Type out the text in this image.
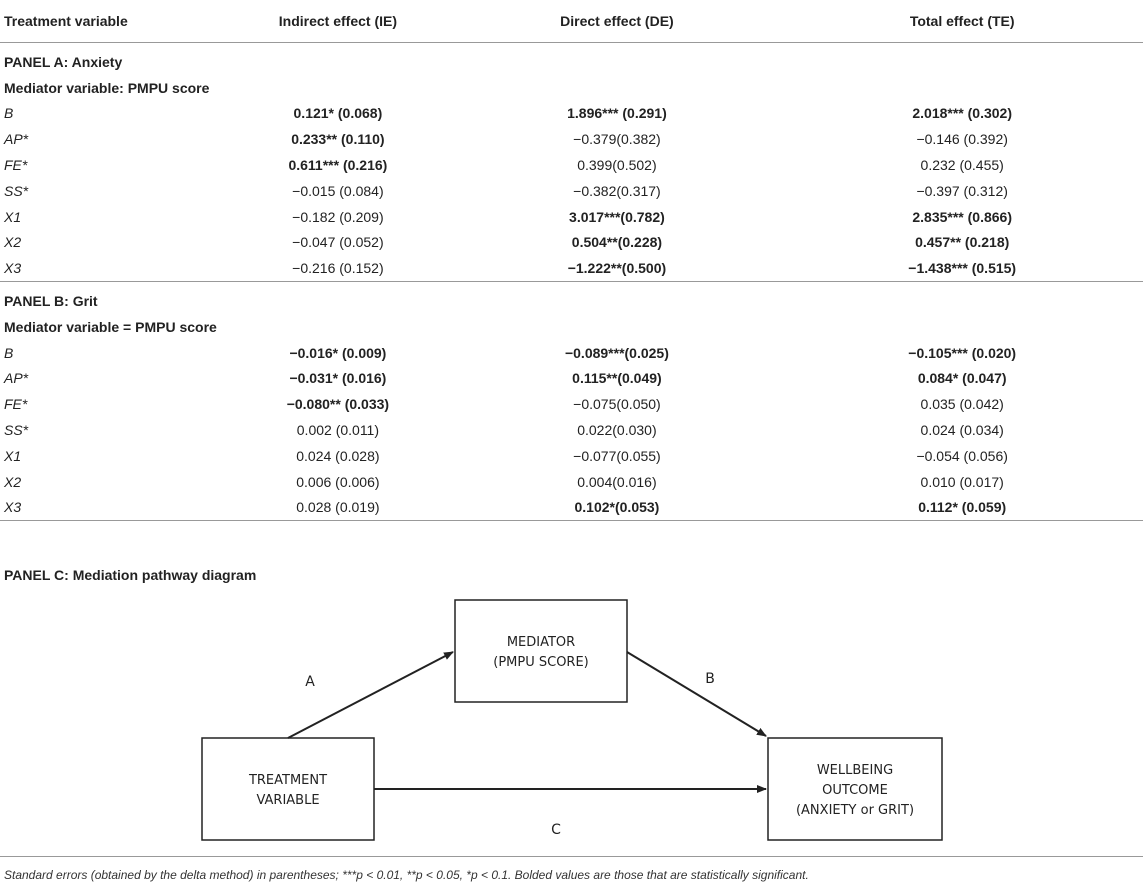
Treatment variable	Indirect effect (IE)	Direct effect (DE)	Total effect (TE)
PANEL A: Anxiety			
Mediator variable: PMPU score			
B	0.121* (0.068)	1.896*** (0.291)	2.018*** (0.302)
AP*	0.233** (0.110)	−0.379(0.382)	−0.146 (0.392)
FE*	0.611*** (0.216)	0.399(0.502)	0.232 (0.455)
SS*	−0.015 (0.084)	−0.382(0.317)	−0.397 (0.312)
X1	−0.182 (0.209)	3.017***(0.782)	2.835*** (0.866)
X2	−0.047 (0.052)	0.504**(0.228)	0.457** (0.218)
X3	−0.216 (0.152)	−1.222**(0.500)	−1.438*** (0.515)
PANEL B: Grit			
Mediator variable = PMPU score			
B	−0.016* (0.009)	−0.089***(0.025)	−0.105*** (0.020)
AP*	−0.031* (0.016)	0.115**(0.049)	0.084* (0.047)
FE*	−0.080** (0.033)	−0.075(0.050)	0.035 (0.042)
SS*	0.002 (0.011)	0.022(0.030)	0.024 (0.034)
X1	0.024 (0.028)	−0.077(0.055)	−0.054 (0.056)
X2	0.006 (0.006)	0.004(0.016)	0.010 (0.017)
X3	0.028 (0.019)	0.102*(0.053)	0.112* (0.059)
PANEL C: Mediation pathway diagram
MEDIATOR
(PMPU SCORE)
TREATMENT
VARIABLE
WELLBEING
OUTCOME
(ANXIETY or GRIT)
A	B
C
Standard errors (obtained by the delta method) in parentheses; ***p < 0.01, **p < 0.05, *p < 0.1. Bolded values are those that are statistically significant.
